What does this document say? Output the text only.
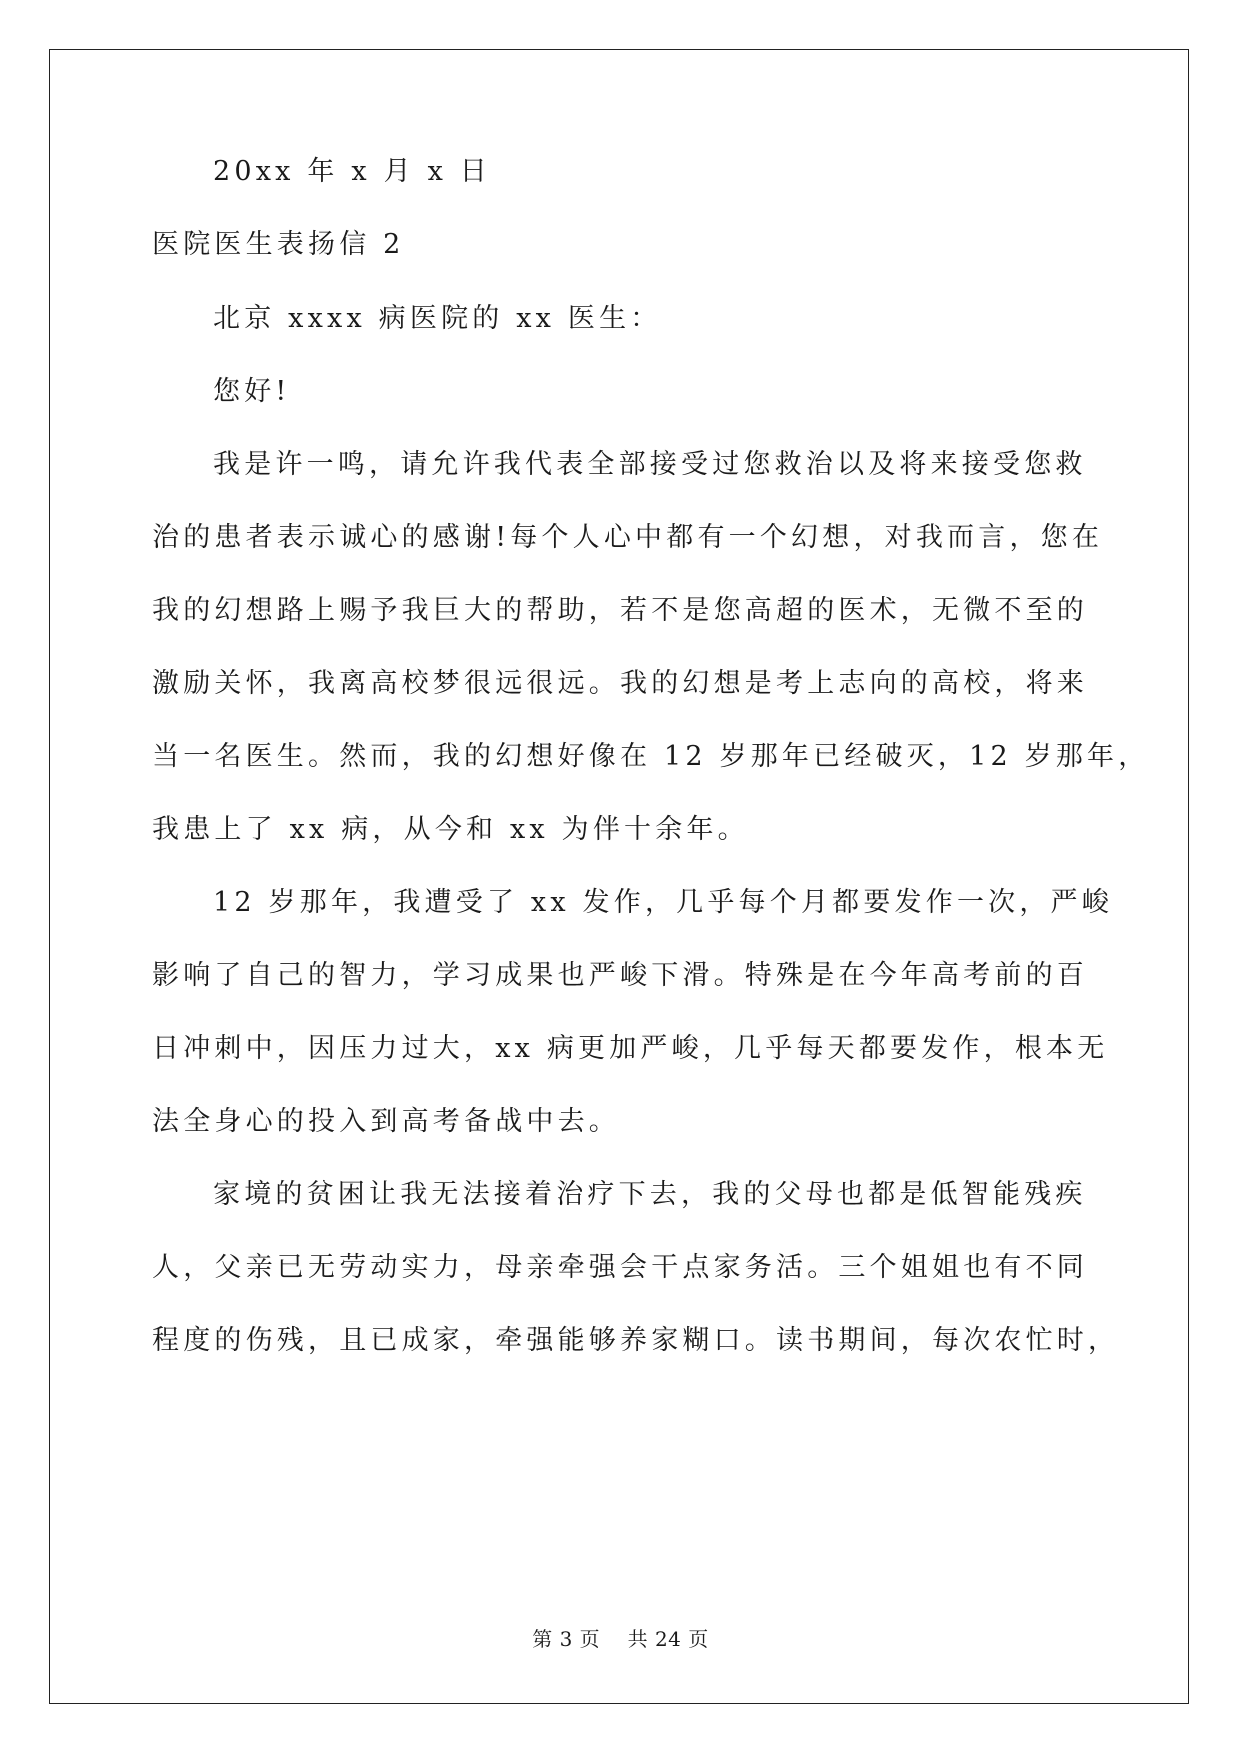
20xx 年 x 月 x 日
医院医生表扬信 2
北京 xxxx 病医院的 xx 医生：
您好!
我是许一鸣，请允许我代表全部接受过您救治以及将来接受您救
治的患者表示诚心的感谢!每个人心中都有一个幻想，对我而言，您在
我的幻想路上赐予我巨大的帮助，若不是您高超的医术，无微不至的
激励关怀，我离高校梦很远很远。我的幻想是考上志向的高校，将来
当一名医生。然而，我的幻想好像在 12 岁那年已经破灭，12 岁那年，
我患上了 xx 病，从今和 xx 为伴十余年。
12 岁那年，我遭受了 xx 发作，几乎每个月都要发作一次，严峻
影响了自己的智力，学习成果也严峻下滑。特殊是在今年高考前的百
日冲刺中，因压力过大，xx 病更加严峻，几乎每天都要发作，根本无
法全身心的投入到高考备战中去。
家境的贫困让我无法接着治疗下去，我的父母也都是低智能残疾
人，父亲已无劳动实力，母亲牵强会干点家务活。三个姐姐也有不同
程度的伤残，且已成家，牵强能够养家糊口。读书期间，每次农忙时，
第 3 页    共 24 页
